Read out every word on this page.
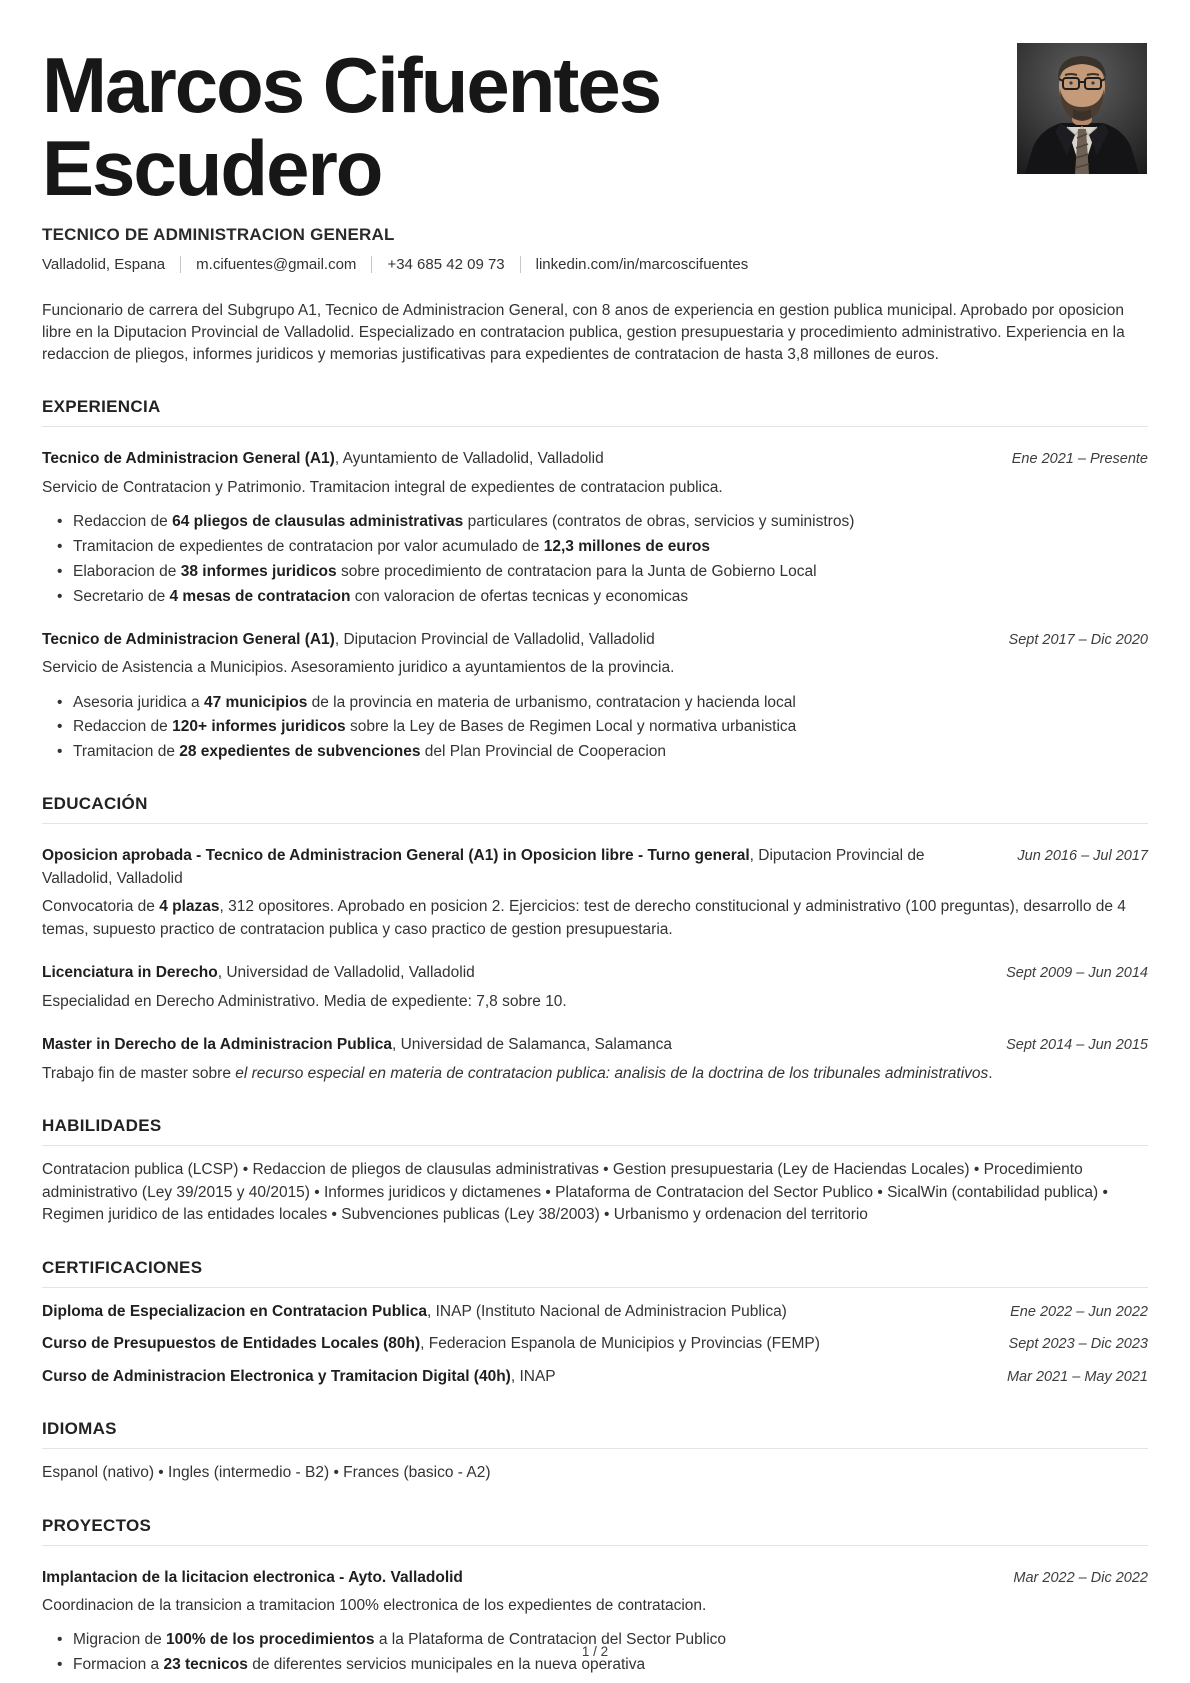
Marcos Cifuentes Escudero
TECNICO DE ADMINISTRACION GENERAL
Valladolid, Espana m.cifuentes@gmail.com +34 685 42 09 73 linkedin.com/in/marcoscifuentes
Funcionario de carrera del Subgrupo A1, Tecnico de Administracion General, con 8 anos de experiencia en gestion publica municipal. Aprobado por oposicion libre en la Diputacion Provincial de Valladolid. Especializado en contratacion publica, gestion presupuestaria y procedimiento administrativo. Experiencia en la redaccion de pliegos, informes juridicos y memorias justificativas para expedientes de contratacion de hasta 3,8 millones de euros.
EXPERIENCIA
Tecnico de Administracion General (A1), Ayuntamiento de Valladolid, Valladolid	Ene 2021 – Presente
Servicio de Contratacion y Patrimonio. Tramitacion integral de expedientes de contratacion publica.
• Redaccion de 64 pliegos de clausulas administrativas particulares (contratos de obras, servicios y suministros)
• Tramitacion de expedientes de contratacion por valor acumulado de 12,3 millones de euros
• Elaboracion de 38 informes juridicos sobre procedimiento de contratacion para la Junta de Gobierno Local
• Secretario de 4 mesas de contratacion con valoracion de ofertas tecnicas y economicas
Tecnico de Administracion General (A1), Diputacion Provincial de Valladolid, Valladolid	Sept 2017 – Dic 2020
Servicio de Asistencia a Municipios. Asesoramiento juridico a ayuntamientos de la provincia.
• Asesoria juridica a 47 municipios de la provincia en materia de urbanismo, contratacion y hacienda local
• Redaccion de 120+ informes juridicos sobre la Ley de Bases de Regimen Local y normativa urbanistica
• Tramitacion de 28 expedientes de subvenciones del Plan Provincial de Cooperacion
EDUCACIÓN
Oposicion aprobada - Tecnico de Administracion General (A1) in Oposicion libre - Turno general, Diputacion Provincial de Valladolid, Valladolid
Jun 2016 – Jul 2017
Convocatoria de 4 plazas, 312 opositores. Aprobado en posicion 2. Ejercicios: test de derecho constitucional y administrativo (100 preguntas), desarrollo de 4 temas, supuesto practico de contratacion publica y caso practico de gestion presupuestaria.
Licenciatura in Derecho, Universidad de Valladolid, Valladolid	Sept 2009 – Jun 2014
Especialidad en Derecho Administrativo. Media de expediente: 7,8 sobre 10.
Master in Derecho de la Administracion Publica, Universidad de Salamanca, Salamanca	Sept 2014 – Jun 2015
Trabajo fin de master sobre el recurso especial en materia de contratacion publica: analisis de la doctrina de los tribunales administrativos.
HABILIDADES
Contratacion publica (LCSP) • Redaccion de pliegos de clausulas administrativas • Gestion presupuestaria (Ley de Haciendas Locales) • Procedimiento administrativo (Ley 39/2015 y 40/2015) • Informes juridicos y dictamenes • Plataforma de Contratacion del Sector Publico • SicalWin (contabilidad publica) • Regimen juridico de las entidades locales • Subvenciones publicas (Ley 38/2003) • Urbanismo y ordenacion del territorio
CERTIFICACIONES
Diploma de Especializacion en Contratacion Publica, INAP (Instituto Nacional de Administracion Publica)	Ene 2022 – Jun 2022
Curso de Presupuestos de Entidades Locales (80h), Federacion Espanola de Municipios y Provincias (FEMP)	Sept 2023 – Dic 2023
Curso de Administracion Electronica y Tramitacion Digital (40h), INAP	Mar 2021 – May 2021
IDIOMAS
Espanol (nativo) • Ingles (intermedio - B2) • Frances (basico - A2)
PROYECTOS
Implantacion de la licitacion electronica - Ayto. Valladolid	Mar 2022 – Dic 2022
Coordinacion de la transicion a tramitacion 100% electronica de los expedientes de contratacion.
• Migracion de 100% de los procedimientos a la Plataforma de Contratacion del Sector Publico
• Formacion a 23 tecnicos de diferentes servicios municipales en la nueva operativa
1 / 2
